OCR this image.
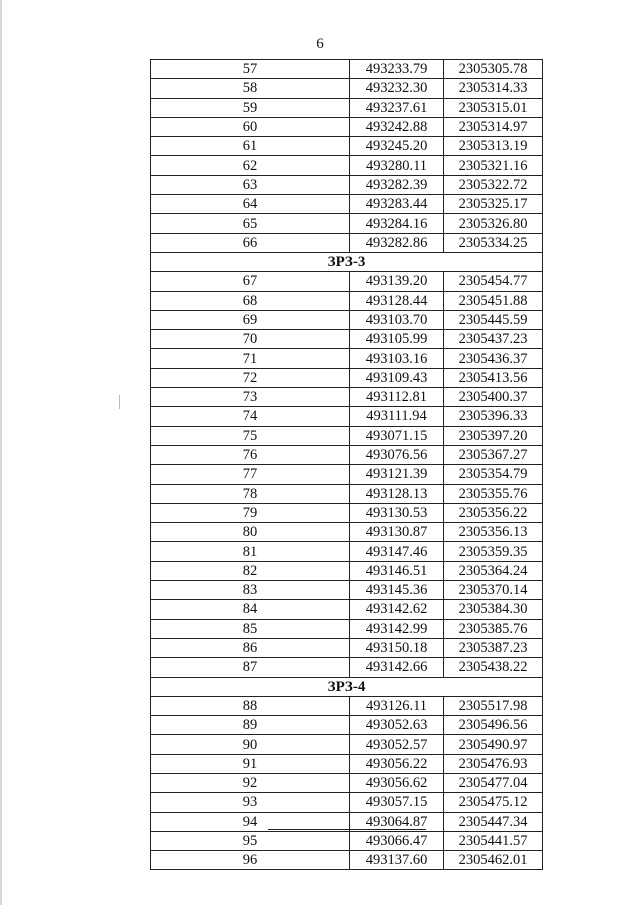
6
57	493233.79	2305305.78
58	493232.30	2305314.33
59	493237.61	2305315.01
60	493242.88	2305314.97
61	493245.20	2305313.19
62	493280.11	2305321.16
63	493282.39	2305322.72
64	493283.44	2305325.17
65	493284.16	2305326.80
66	493282.86	2305334.25
ЗРЗ-3		
67	493139.20	2305454.77
68	493128.44	2305451.88
69	493103.70	2305445.59
70	493105.99	2305437.23
71	493103.16	2305436.37
72	493109.43	2305413.56
73	493112.81	2305400.37
74	493111.94	2305396.33
75	493071.15	2305397.20
76	493076.56	2305367.27
77	493121.39	2305354.79
78	493128.13	2305355.76
79	493130.53	2305356.22
80	493130.87	2305356.13
81	493147.46	2305359.35
82	493146.51	2305364.24
83	493145.36	2305370.14
84	493142.62	2305384.30
85	493142.99	2305385.76
86	493150.18	2305387.23
87	493142.66	2305438.22
ЗРЗ-4		
88	493126.11	2305517.98
89	493052.63	2305496.56
90	493052.57	2305490.97
91	493056.22	2305476.93
92	493056.62	2305477.04
93	493057.15	2305475.12
94	493064.87	2305447.34
95	493066.47	2305441.57
96	493137.60	2305462.01
